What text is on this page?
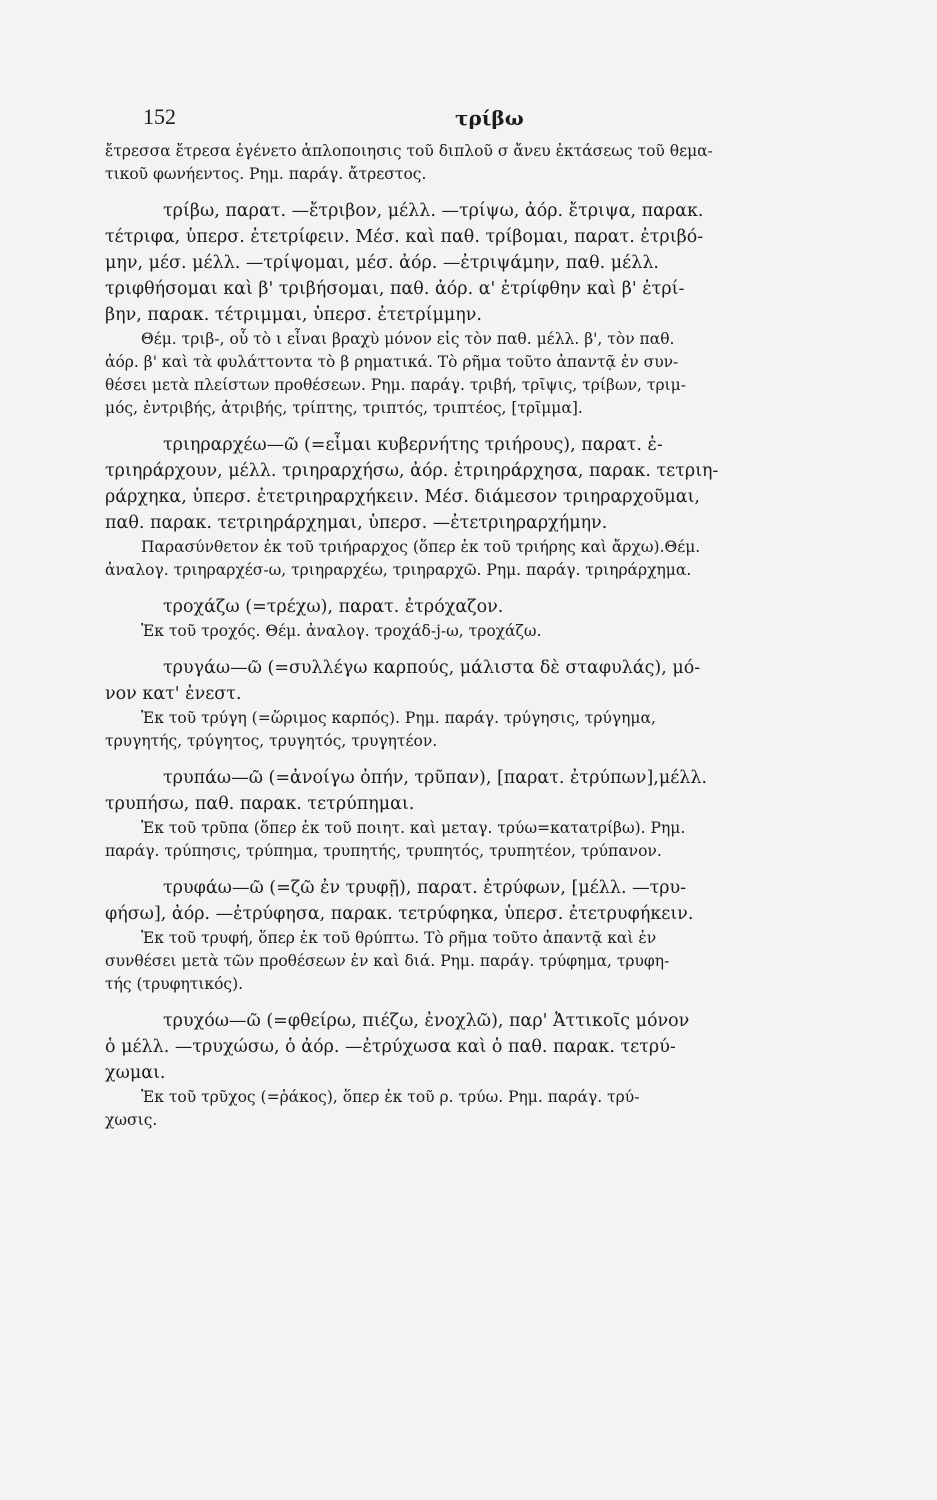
152	τρίβω
ἔτρεσσα ἔτρεσα ἐγένετο ἁπλοποιησις τοῦ διπλοῦ σ ἄνευ ἐκτάσεως τοῦ θεμα-
τικοῦ φωνήεντος. Ρημ. παράγ. ἄτρεστος.
τρίβω, παρατ. —ἔτριβον, μέλλ. —τρίψω, ἀόρ. ἔτριψα, παρακ.
τέτριφα, ὑπερσ. ἐτετρίφειν. Μέσ. καὶ παθ. τρίβομαι, παρατ. ἐτριβό-
μην, μέσ. μέλλ. —τρίψομαι, μέσ. ἀόρ. —ἐτριψάμην, παθ. μέλλ.
τριφθήσομαι καὶ β' τριβήσομαι, παθ. ἀόρ. α' ἐτρίφθην καὶ β' ἐτρί-
βην, παρακ. τέτριμμαι, ὑπερσ. ἐτετρίμμην.
Θέμ. τριβ-, οὗ τὸ ι εἶναι βραχὺ μόνον εἰς τὸν παθ. μέλλ. β', τὸν παθ.
ἀόρ. β' καὶ τὰ φυλάττοντα τὸ β ρηματικά. Τὸ ρῆμα τοῦτο ἀπαντᾷ ἐν συν-
θέσει μετὰ πλείστων προθέσεων. Ρημ. παράγ. τριβή, τρῖψις, τρίβων, τριμ-
μός, ἐντριβής, ἀτριβής, τρίπτης, τριπτός, τριπτέος, [τρῖμμα].
τριηραρχέω—ῶ (=εἶμαι κυβερνήτης τριήρους), παρατ. ἐ-
τριηράρχουν, μέλλ. τριηραρχήσω, ἀόρ. ἐτριηράρχησα, παρακ. τετριη-
ράρχηκα, ὑπερσ. ἐτετριηραρχήκειν. Μέσ. διάμεσον τριηραρχοῦμαι,
παθ. παρακ. τετριηράρχημαι, ὑπερσ. —ἐτετριηραρχήμην.
Παρασύνθετον ἐκ τοῦ τριήραρχος (ὅπερ ἐκ τοῦ τριήρης καὶ ἄρχω).Θέμ.
ἀναλογ. τριηραρχέσ-ω, τριηραρχέω, τριηραρχῶ. Ρημ. παράγ. τριηράρχημα.
τροχάζω (=τρέχω), παρατ. ἐτρόχαζον.
Ἐκ τοῦ τροχός. Θέμ. ἀναλογ. τροχάδ-j-ω, τροχάζω.
τρυγάω—ῶ (=συλλέγω καρπούς, μάλιστα δὲ σταφυλάς), μό-
νον κατ' ἐνεστ.
Ἐκ τοῦ τρύγη (=ὥριμος καρπός). Ρημ. παράγ. τρύγησις, τρύγημα,
τρυγητής, τρύγητος, τρυγητός, τρυγητέον.
τρυπάω—ῶ (=ἀνοίγω ὀπήν, τρῦπαν), [παρατ. ἐτρύπων],μέλλ.
τρυπήσω, παθ. παρακ. τετρύπημαι.
Ἐκ τοῦ τρῦπα (ὅπερ ἐκ τοῦ ποιητ. καὶ μεταγ. τρύω=κατατρίβω). Ρημ.
παράγ. τρύπησις, τρύπημα, τρυπητής, τρυπητός, τρυπητέον, τρύπανον.
τρυφάω—ῶ (=ζῶ ἐν τρυφῇ), παρατ. ἐτρύφων, [μέλλ. —τρυ-
φήσω], ἀόρ. —ἐτρύφησα, παρακ. τετρύφηκα, ὑπερσ. ἐτετρυφήκειν.
Ἐκ τοῦ τρυφή, ὅπερ ἐκ τοῦ θρύπτω. Τὸ ρῆμα τοῦτο ἀπαντᾷ καὶ ἐν
συνθέσει μετὰ τῶν προθέσεων ἐν καὶ διά. Ρημ. παράγ. τρύφημα, τρυφη-
τής (τρυφητικός).
τρυχόω—ῶ (=φθείρω, πιέζω, ἐνοχλῶ), παρ' Ἀττικοῖς μόνον
ὁ μέλλ. —τρυχώσω, ὁ ἀόρ. —ἐτρύχωσα καὶ ὁ παθ. παρακ. τετρύ-
χωμαι.
Ἐκ τοῦ τρῦχος (=ῥάκος), ὅπερ ἐκ τοῦ ρ. τρύω. Ρημ. παράγ. τρύ-
χωσις.
